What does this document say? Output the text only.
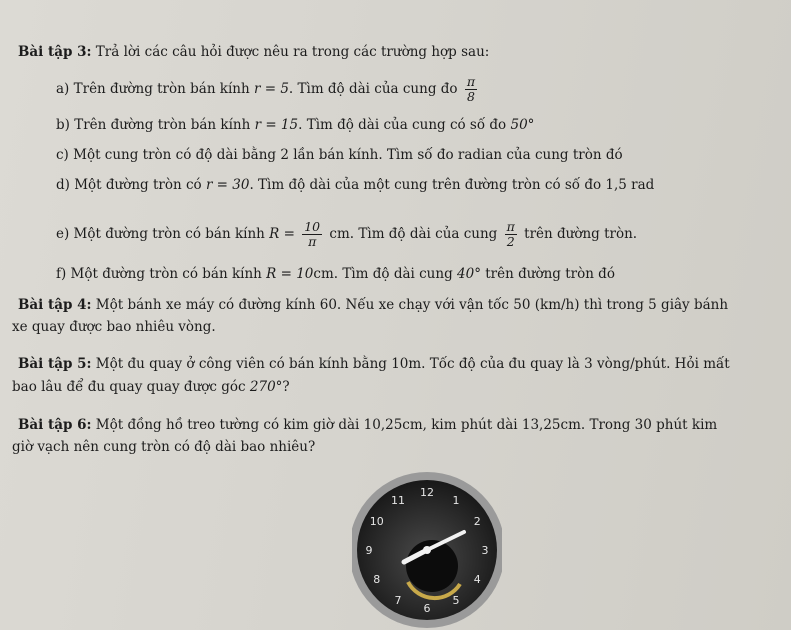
Bài tập 3: Trả lời các câu hỏi được nêu ra trong các trường hợp sau:
a) Trên đường tròn bán kính r = 5. Tìm độ dài của cung đo $\frac{\pi}{8}$
b) Trên đường tròn bán kính r = 15. Tìm độ dài của cung có số đo 50°
c) Một cung tròn có độ dài bằng 2 lần bán kính. Tìm số đo radian của cung tròn đó
d) Một đường tròn có r = 30. Tìm độ dài của một cung trên đường tròn có số đo 1,5 rad
e) Một đường tròn có bán kính $R = \frac{10}{\pi}$ cm. Tìm độ dài của cung $\frac{\pi}{2}$ trên đường tròn.
f) Một đường tròn có bán kính R = 10cm. Tìm độ dài cung 40° trên đường tròn đó
Bài tập 4: Một bánh xe máy có đường kính 60. Nếu xe chạy với vận tốc 50 (km/h) thì trong 5 giây bánh
xe quay được bao nhiêu vòng.
Bài tập 5: Một đu quay ở công viên có bán kính bằng 10m. Tốc độ của đu quay là 3 vòng/phút. Hỏi mất
bao lâu để đu quay quay được góc 270°?
Bài tập 6: Một đồng hồ treo tường có kim giờ dài 10,25cm, kim phút dài 13,25cm. Trong 30 phút kim
giờ vạch nên cung tròn có độ dài bao nhiêu?
12
1
2
3
4
5
6
7
8
9
10
11
